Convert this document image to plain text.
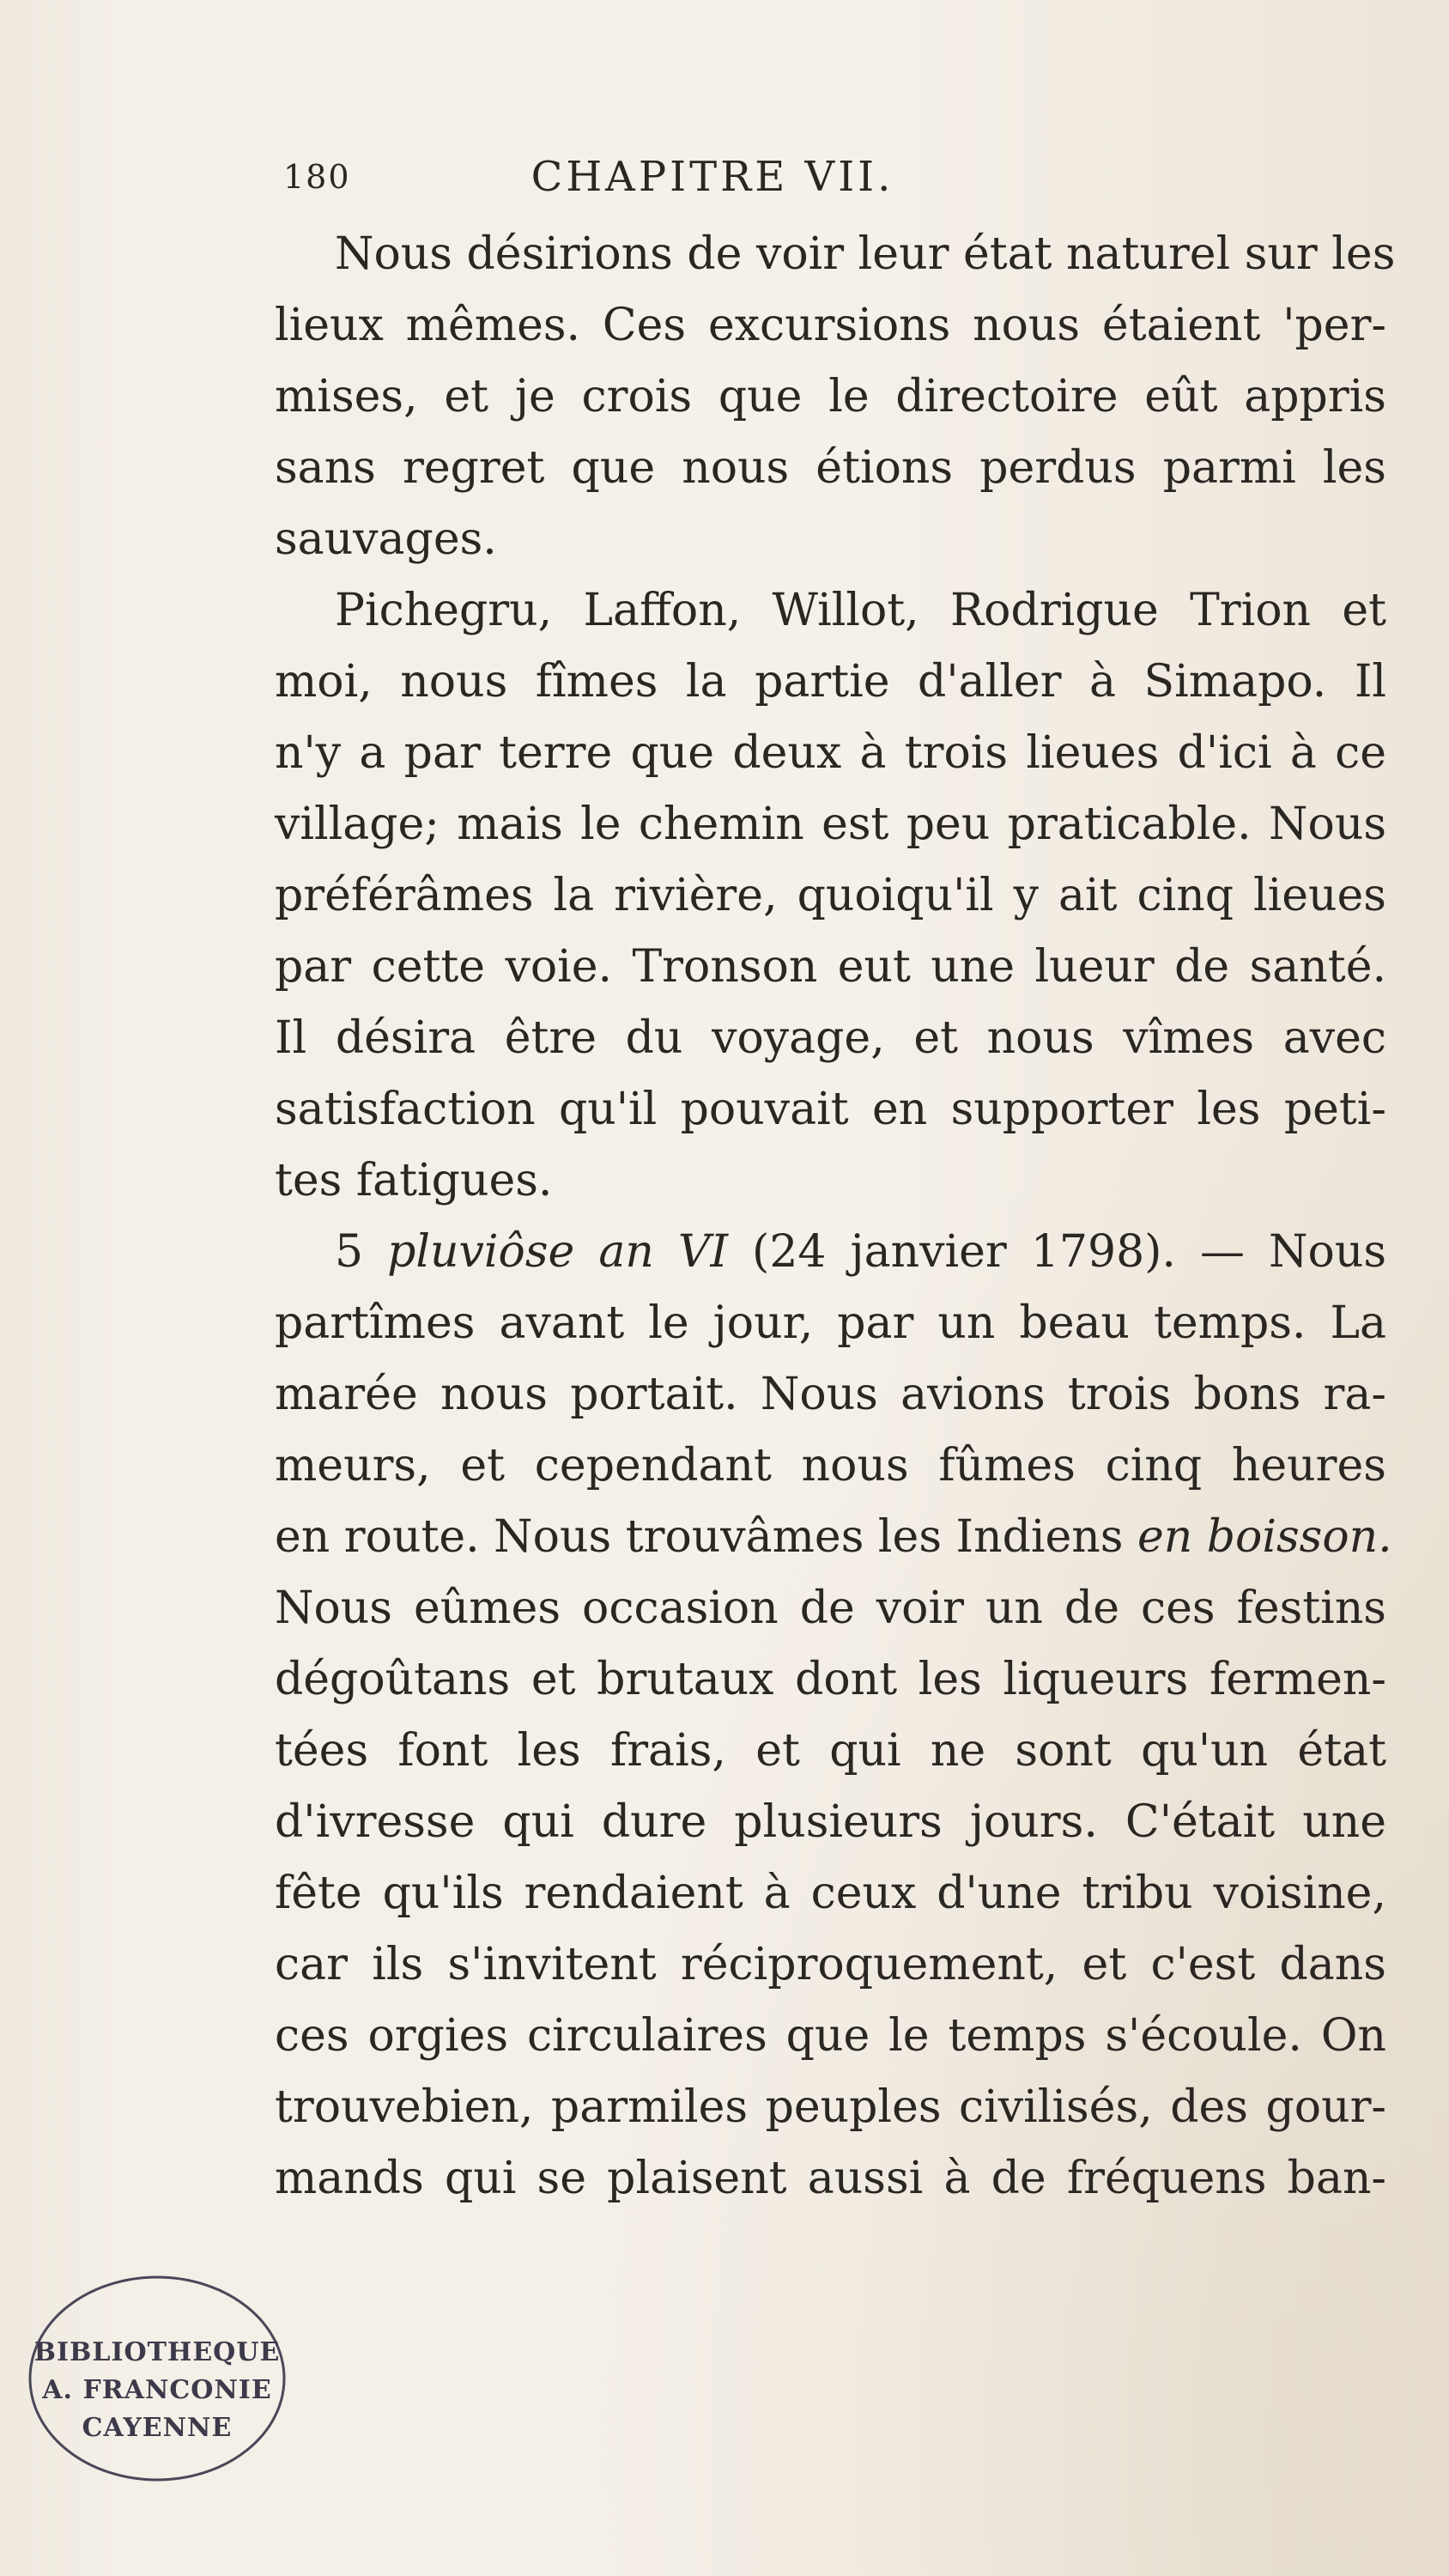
180	CHAPITRE VII.
Nous désirions de voir leur état naturel sur les
lieux mêmes. Ces excursions nous étaient 'per-
mises, et je crois que le directoire eût appris
sans regret que nous étions perdus parmi les
sauvages.
Pichegru, Laffon, Willot, Rodrigue Trion et
moi, nous fîmes la partie d'aller à Simapo. Il
n'y a par terre que deux à trois lieues d'ici à ce
village; mais le chemin est peu praticable. Nous
préférâmes la rivière, quoiqu'il y ait cinq lieues
par cette voie. Tronson eut une lueur de santé.
Il désira être du voyage, et nous vîmes avec
satisfaction qu'il pouvait en supporter les peti-
tes fatigues.
5 pluviôse an VI (24 janvier 1798). — Nous
partîmes avant le jour, par un beau temps. La
marée nous portait. Nous avions trois bons ra-
meurs, et cependant nous fûmes cinq heures
en route. Nous trouvâmes les Indiens en boisson.
Nous eûmes occasion de voir un de ces festins
dégoûtans et brutaux dont les liqueurs fermen-
tées font les frais, et qui ne sont qu'un état
d'ivresse qui dure plusieurs jours. C'était une
fête qu'ils rendaient à ceux d'une tribu voisine,
car ils s'invitent réciproquement, et c'est dans
ces orgies circulaires que le temps s'écoule. On
trouvebien, parmiles peuples civilisés, des gour-
mands qui se plaisent aussi à de fréquens ban-
BIBLIOTHEQUE
A. FRANCONIE
CAYENNE
